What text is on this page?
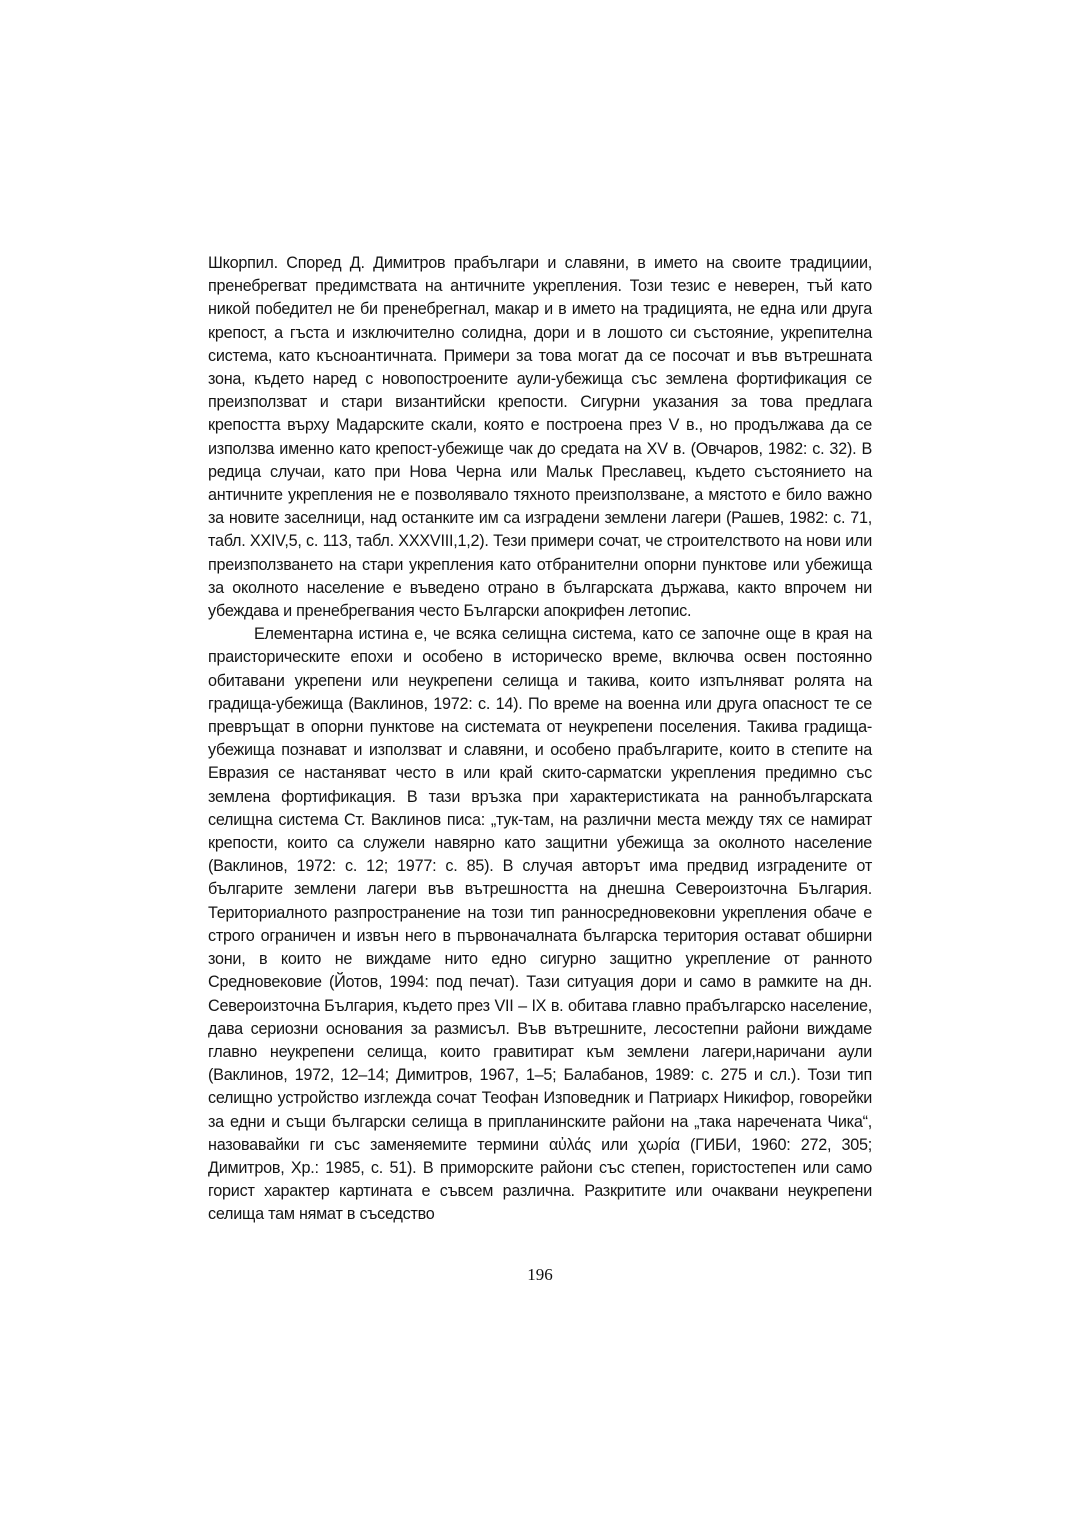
Шкорпил. Според Д. Димитров прабългари и славяни, в името на своите традициии, пренебрегват предимствата на античните укрепления. Този тезис е неверен, тъй като никой победител не би пренебрегнал, макар и в името на традицията, не една или друга крепост, а гъста и изключително солидна, дори и в лошото си състояние, укрепителна система, като късноантичната. Примери за това могат да се посочат и във вътрешната зона, където наред с новопостроените аули-убежища със землена фортификация се преизползват и стари византийски крепости. Сигурни указания за това предлага крепостта върху Мадарските скали, която е построена през V в., но продължава да се използва именно като крепост-убежище чак до средата на XV в. (Овчаров, 1982: с. 32). В редица случаи, като при Нова Черна или Мальк Преславец, където състоянието на античните укрепления не е позволявало тяхното преизползване, а мястото е било важно за новите заселници, над останките им са изградени землени лагери (Рашев, 1982: с. 71, табл. XXIV,5, с. 113, табл. XXXVIII,1,2). Тези примери сочат, че строителството на нови или преизползването на стари укрепления като отбранителни опорни пунктове или убежища за околното население е въведено отрано в българската държава, както впрочем ни убеждава и пренебрегвания често Български апокрифен летопис.

Елементарна истина е, че всяка селищна система, като се започне още в края на праисторическите епохи и особено в историческо време, включва освен постоянно обитавани укрепени или неукрепени селища и такива, които изпълняват ролята на градища-убежища (Ваклинов, 1972: с. 14). По време на военна или друга опасност те се превръщат в опорни пунктове на системата от неукрепени поселения. Такива градища-убежища познават и използват и славяни, и особено прабългарите, които в степите на Евразия се настаняват често в или край скито-сарматски укрепления предимно със землена фортификация. В тази връзка при характеристиката на раннобългарската селищна система Ст. Ваклинов писа: „тук-там, на различни места между тях се намират крепости, които са служели навярно като защитни убежища за околното население (Ваклинов, 1972: с. 12; 1977: с. 85). В случая авторът има предвид изградените от българите землени лагери във вътрешността на днешна Североизточна България. Териториалното разпространение на този тип ранносредновековни укрепления обаче е строго ограничен и извън него в първоначалната българска територия остават обширни зони, в които не виждаме нито едно сигурно защитно укрепление от ранното Средновековие (Йотов, 1994: под печат). Тази ситуация дори и само в рамките на дн. Североизточна България, където през VII – IX в. обитава главно прабългарско население, дава сериозни основания за размисъл. Във вътрешните, лесостепни райони виждаме главно неукрепени селища, които гравитират към землени лагери,наричани аули (Ваклинов, 1972, 12–14; Димитров, 1967, 1–5; Балабанов, 1989: с. 275 и сл.). Този тип селищно устройство изглежда сочат Теофан Изповедник и Патриарх Никифор, говорейки за едни и същи български селища в припланинските райони на „така наречената Чика“, назовавайки ги със заменяемите термини αὐλάς или χωρία (ГИБИ, 1960: 272, 305; Димитров, Хр.: 1985, с. 51). В приморските райони със степен, гористостепен или само горист характер картината е съвсем различна. Разкритите или очаквани неукрепени селища там нямат в съседство

196
